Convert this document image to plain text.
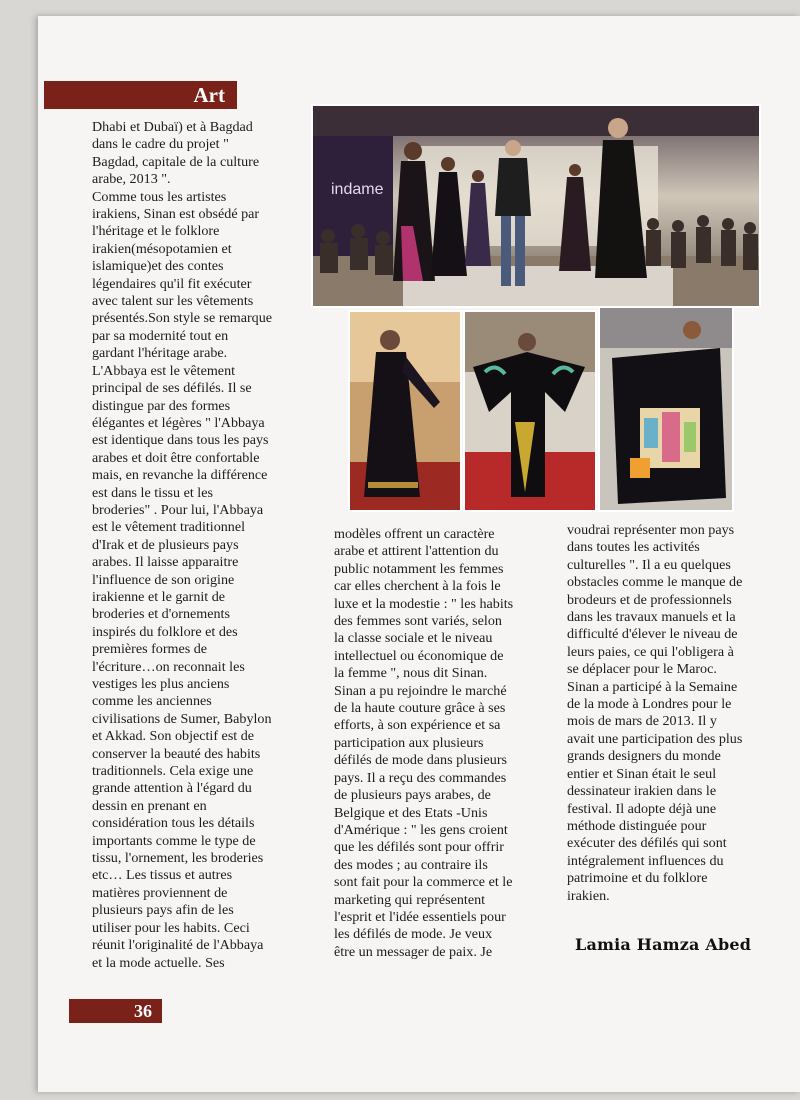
Art
Dhabi et Dubaï) et à Bagdad
dans le cadre du projet "
Bagdad, capitale de la culture
arabe, 2013 ".
Comme tous les artistes
irakiens, Sinan est obsédé par
l'héritage et le folklore
irakien(mésopotamien et
islamique)et des contes
légendaires qu'il fit exécuter
avec talent sur les vêtements
présentés.Son style se remarque
par sa modernité tout en
gardant l'héritage arabe.
L'Abbaya est le vêtement
principal de ses défilés. Il se
distingue par des formes
élégantes et légères " l'Abbaya
est identique dans tous les pays
arabes et doit être confortable
mais, en revanche la différence
est dans le tissu et les
broderies" . Pour lui, l'Abbaya
est le vêtement traditionnel
d'Irak et de plusieurs pays
arabes. Il laisse apparaitre
l'influence de son origine
irakienne et le garnit de
broderies et d'ornements
inspirés du folklore et des
premières formes de
l'écriture…on reconnait les
vestiges les plus anciens
comme les anciennes
civilisations de Sumer, Babylon
et Akkad. Son objectif est de
conserver la beauté des habits
traditionnels. Cela exige une
grande attention à l'égard du
dessin en prenant en
considération tous les détails
importants comme le type de
tissu, l'ornement, les broderies
etc… Les tissus et autres
matières proviennent de
plusieurs pays afin de les
utiliser pour les habits. Ceci
réunit l'originalité de l'Abbaya
et la mode actuelle. Ses
indame
modèles offrent un caractère
arabe et attirent l'attention du
public notamment les femmes
car elles cherchent à la fois le
luxe et la modestie : " les habits
des femmes sont variés, selon
la classe sociale et le niveau
intellectuel ou économique de
la femme ", nous dit Sinan.
Sinan a pu rejoindre le marché
de la haute couture grâce à ses
efforts, à son expérience et sa
participation aux plusieurs
défilés de mode dans plusieurs
pays. Il a reçu des commandes
de plusieurs pays arabes, de
Belgique et des Etats -Unis
d'Amérique : " les gens croient
que les défilés sont pour offrir
des modes ; au contraire ils
sont fait pour la commerce et le
marketing qui représentent
l'esprit et l'idée essentiels pour
les défilés de mode. Je veux
être un messager de paix. Je
voudrai représenter mon pays
dans toutes les activités
culturelles ". Il a eu quelques
obstacles comme le manque de
brodeurs et de professionnels
dans les travaux manuels et la
difficulté d'élever le niveau de
leurs paies, ce qui l'obligera à
se déplacer pour le Maroc.
Sinan a participé à la Semaine
de la mode à Londres pour le
mois de mars de 2013. Il y
avait une participation des plus
grands designers du monde
entier et Sinan était le seul
dessinateur irakien dans le
festival. Il adopte déjà une
méthode distinguée pour
exécuter des défilés qui sont
intégralement influences du
patrimoine et du folklore
irakien.
Lamia Hamza Abed
36
